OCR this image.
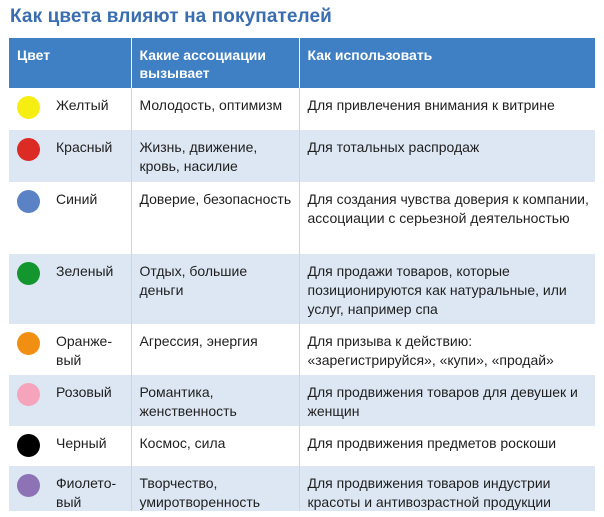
Как цвета влияют на покупателей
Цвет	Какие ассоциации вызывает	Как использовать

Желтый	Молодость, оптимизм	Для привлечения внимания к витрине

Красный	Жизнь, движение, кровь, насилие	Для тотальных распродаж

Синий	Доверие, безопасность	Для создания чувства доверия к компании, ассоциации с серьезной деятельностью

Зеленый	Отдых, большие деньги	Для продажи товаров, которые позиционируются как натуральные, или услуг, например спа

Оранже-вый	Агрессия, энергия	Для призыва к действию: «зарегистрируйся», «купи», «продай»

Розовый	Романтика, женственность	Для продвижения товаров для девушек и женщин

Черный	Космос, сила	Для продвижения предметов роскоши

Фиолето-вый	Творчество, умиротворенность	Для продвижения товаров индустрии красоты и антивозрастной продукции
